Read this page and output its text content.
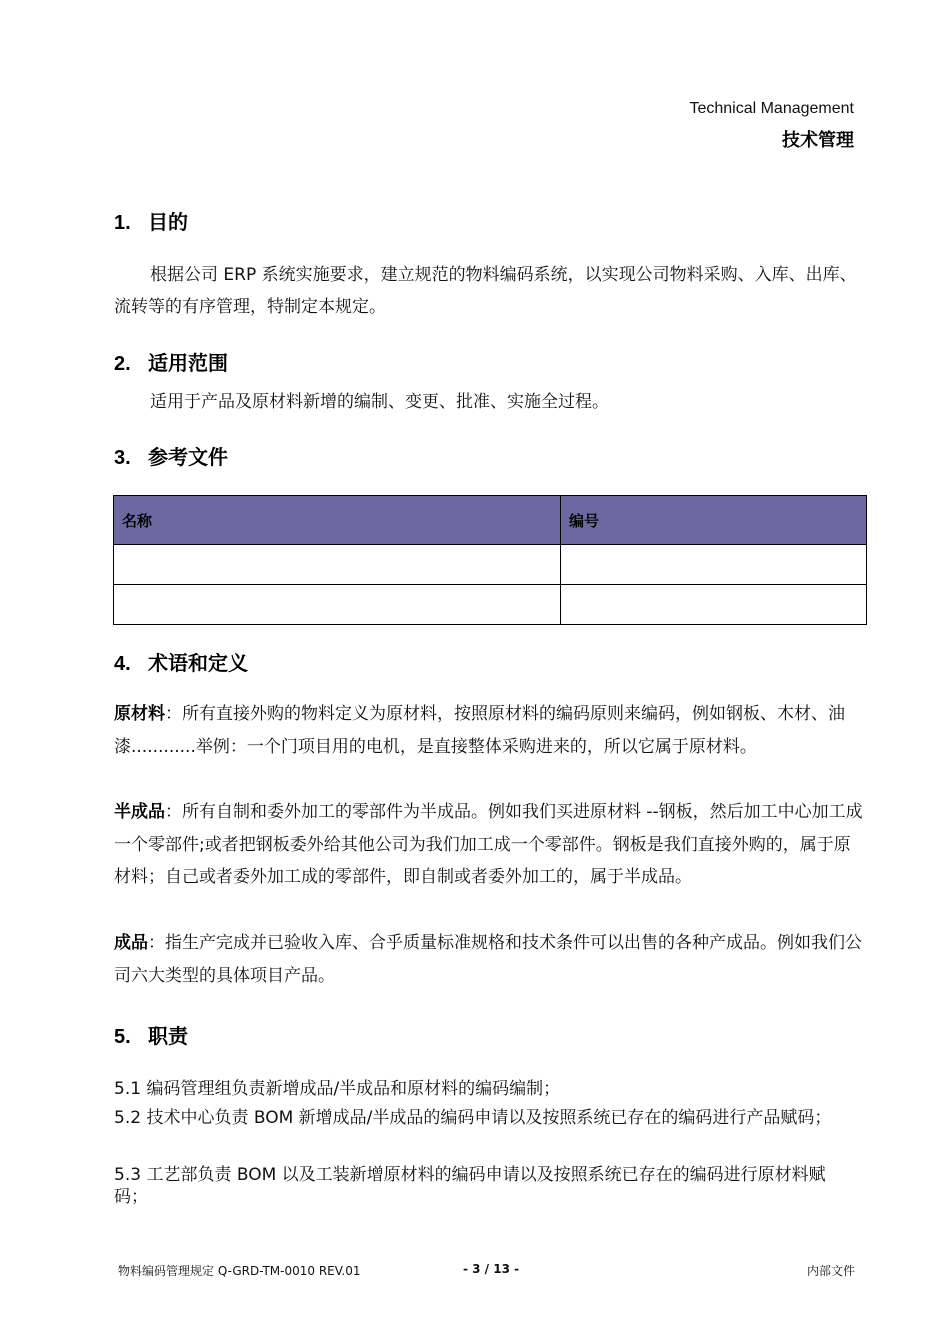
Technical Management
技术管理
1. 目的
根据公司 ERP 系统实施要求，建立规范的物料编码系统，以实现公司物料采购、入库、出库、流转等的有序管理，特制定本规定。
2. 适用范围
适用于产品及原材料新增的编制、变更、批准、实施全过程。
3. 参考文件
名称	编号

4. 术语和定义
原材料：所有直接外购的物料定义为原材料，按照原材料的编码原则来编码，例如钢板、木材、油漆............举例：一个门项目用的电机，是直接整体采购进来的，所以它属于原材料。
半成品：所有自制和委外加工的零部件为半成品。例如我们买进原材料 --钢板，然后加工中心加工成一个零部件;或者把钢板委外给其他公司为我们加工成一个零部件。钢板是我们直接外购的，属于原材料；自己或者委外加工成的零部件，即自制或者委外加工的，属于半成品。
成品：指生产完成并已验收入库、合乎质量标准规格和技术条件可以出售的各种产成品。例如我们公司六大类型的具体项目产品。
5. 职责
5.1 编码管理组负责新增成品/半成品和原材料的编码编制；
5.2 技术中心负责 BOM 新增成品/半成品的编码申请以及按照系统已存在的编码进行产品赋码；
5.3 工艺部负责 BOM 以及工装新增原材料的编码申请以及按照系统已存在的编码进行原材料赋码；
物料编码管理规定 Q-GRD-TM-0010 REV.01	- 3 / 13 -	内部文件
